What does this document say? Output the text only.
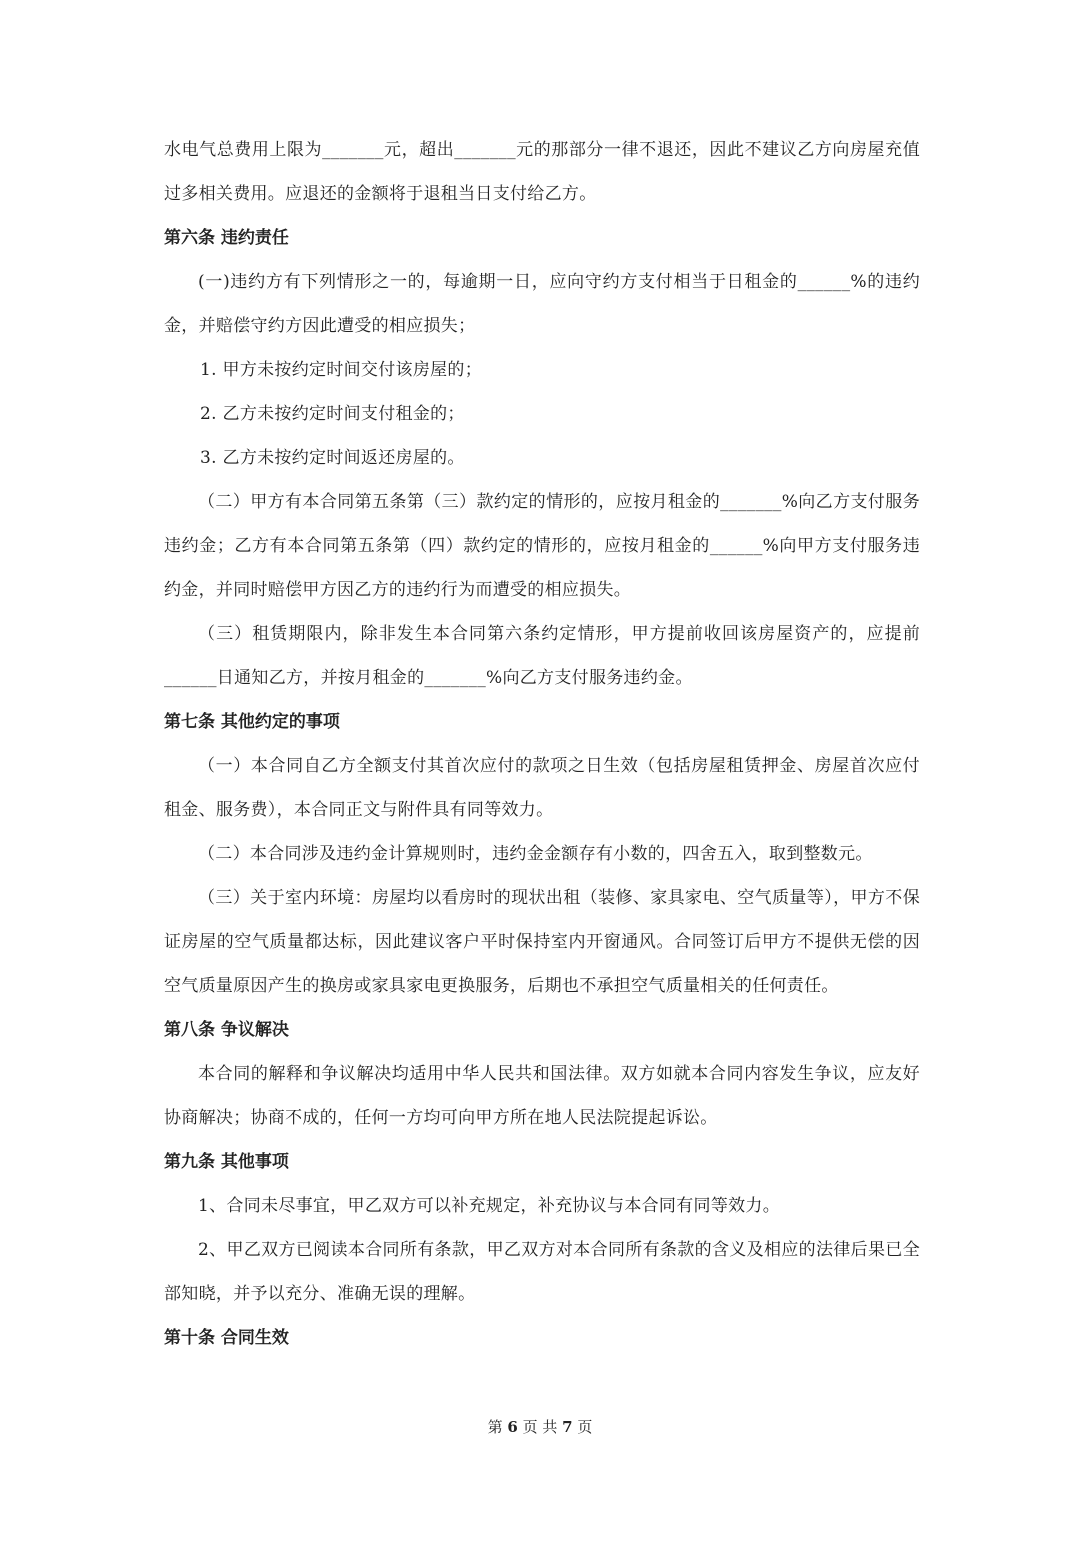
水电气总费用上限为_______元，超出_______元的那部分一律不退还，因此不建议乙方向房屋充值过多相关费用。应退还的金额将于退租当日支付给乙方。

第六条 违约责任

(一)违约方有下列情形之一的，每逾期一日，应向守约方支付相当于日租金的______%的违约金，并赔偿守约方因此遭受的相应损失；

1. 甲方未按约定时间交付该房屋的；

2. 乙方未按约定时间支付租金的；

3. 乙方未按约定时间返还房屋的。

（二）甲方有本合同第五条第（三）款约定的情形的，应按月租金的_______%向乙方支付服务违约金；乙方有本合同第五条第（四）款约定的情形的，应按月租金的______%向甲方支付服务违约金，并同时赔偿甲方因乙方的违约行为而遭受的相应损失。

（三）租赁期限内，除非发生本合同第六条约定情形，甲方提前收回该房屋资产的，应提前______日通知乙方，并按月租金的_______%向乙方支付服务违约金。

第七条 其他约定的事项

（一）本合同自乙方全额支付其首次应付的款项之日生效（包括房屋租赁押金、房屋首次应付租金、服务费），本合同正文与附件具有同等效力。

（二）本合同涉及违约金计算规则时，违约金金额存有小数的，四舍五入，取到整数元。

（三）关于室内环境：房屋均以看房时的现状出租（装修、家具家电、空气质量等），甲方不保证房屋的空气质量都达标，因此建议客户平时保持室内开窗通风。合同签订后甲方不提供无偿的因空气质量原因产生的换房或家具家电更换服务，后期也不承担空气质量相关的任何责任。

第八条 争议解决

本合同的解释和争议解决均适用中华人民共和国法律。双方如就本合同内容发生争议，应友好协商解决；协商不成的，任何一方均可向甲方所在地人民法院提起诉讼。

第九条 其他事项

1、合同未尽事宜，甲乙双方可以补充规定，补充协议与本合同有同等效力。

2、甲乙双方已阅读本合同所有条款，甲乙双方对本合同所有条款的含义及相应的法律后果已全部知晓，并予以充分、准确无误的理解。

第十条 合同生效

第 6 页 共 7 页
